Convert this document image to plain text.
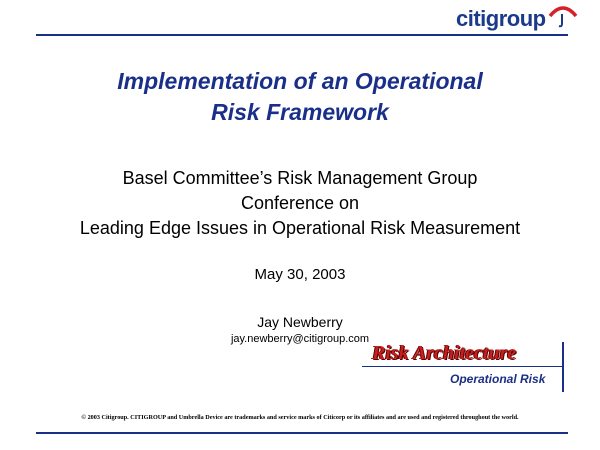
citigroup
Implementation of an Operational
Risk Framework
Basel Committee’s Risk Management Group
Conference on
Leading Edge Issues in Operational Risk Measurement
May 30, 2003
Jay Newberry
jay.newberry@citigroup.com
Risk Architecture
Operational Risk
© 2003 Citigroup. CITIGROUP and Umbrella Device are trademarks and service marks of Citicorp or its affiliates and are used and registered throughout the world.
